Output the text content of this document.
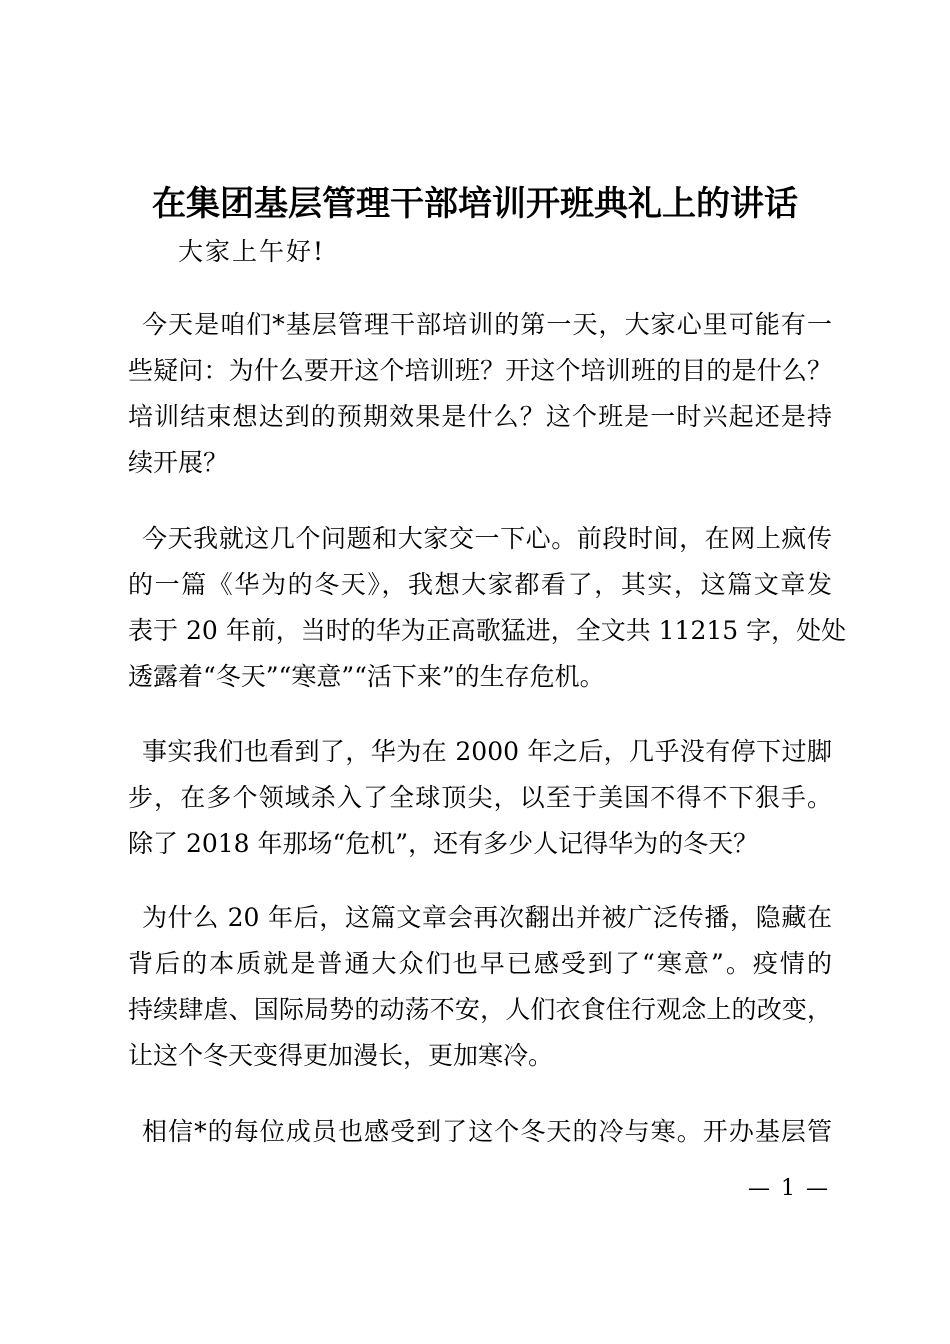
在集团基层管理干部培训开班典礼上的讲话
大家上午好!
今天是咱们*基层管理干部培训的第一天，大家心里可能有一
些疑问：为什么要开这个培训班？开这个培训班的目的是什么？
培训结束想达到的预期效果是什么？这个班是一时兴起还是持
续开展？
今天我就这几个问题和大家交一下心。前段时间，在网上疯传
的一篇《华为的冬天》，我想大家都看了，其实，这篇文章发
表于 20 年前，当时的华为正高歌猛进，全文共 11215 字，处处
透露着“冬天”“寒意”“活下来”的生存危机。
事实我们也看到了，华为在 2000 年之后，几乎没有停下过脚
步，在多个领域杀入了全球顶尖，以至于美国不得不下狠手。
除了 2018 年那场“危机”，还有多少人记得华为的冬天？
为什么 20 年后，这篇文章会再次翻出并被广泛传播，隐藏在
背后的本质就是普通大众们也早已感受到了“寒意”。疫情的
持续肆虐、国际局势的动荡不安，人们衣食住行观念上的改变，
让这个冬天变得更加漫长，更加寒冷。
相信*的每位成员也感受到了这个冬天的冷与寒。开办基层管
— 1 —
